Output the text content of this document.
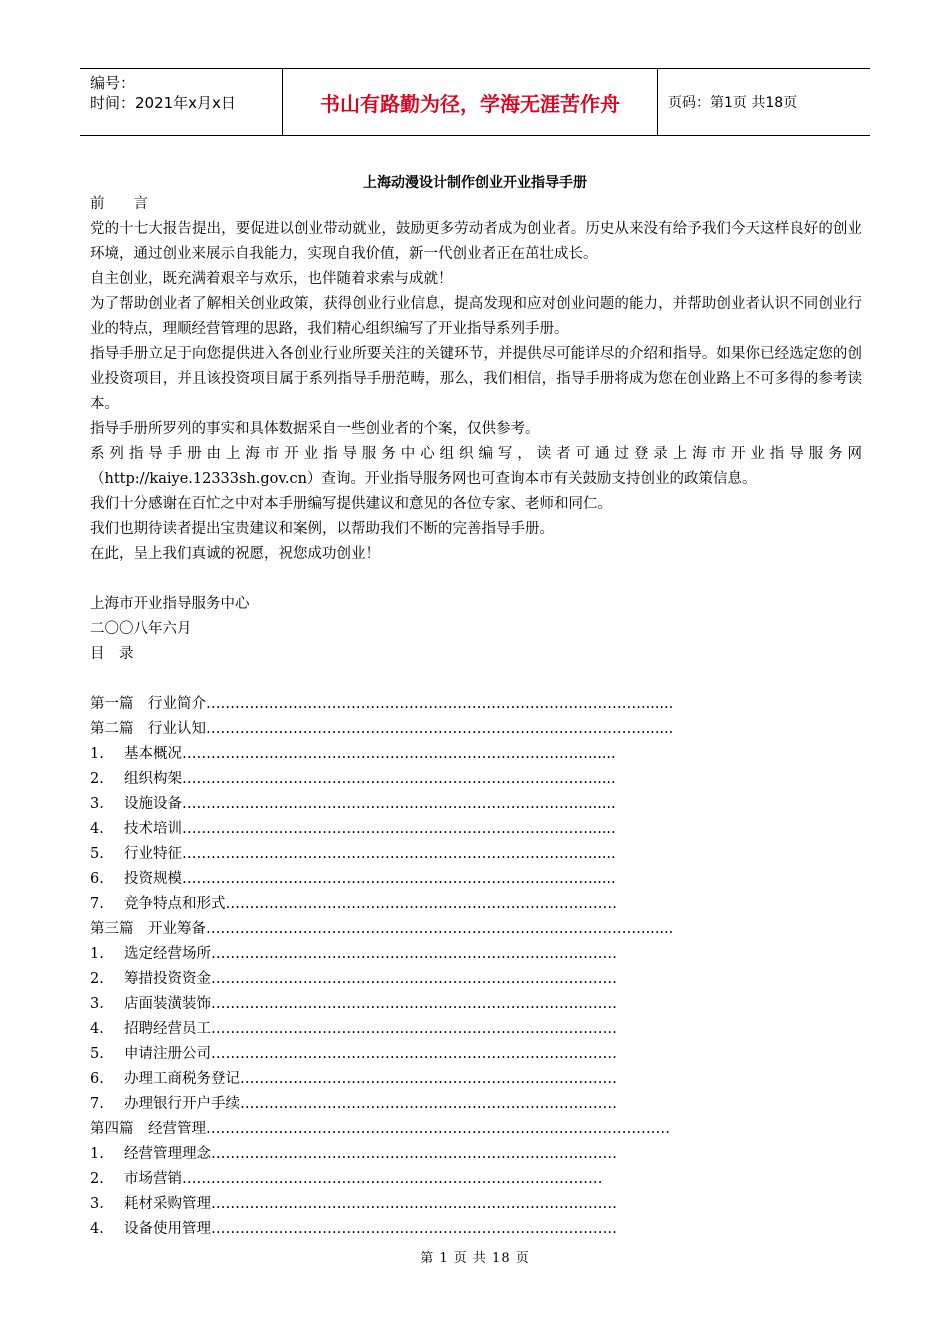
编号：
时间：2021年x月x日	书山有路勤为径，学海无涯苦作舟	页码：第1页 共18页
上海动漫设计制作创业开业指导手册

前　　言

党的十七大报告提出，要促进以创业带动就业，鼓励更多劳动者成为创业者。历史从来没有给予我们今天这样良好的创业环境，通过创业来展示自我能力，实现自我价值，新一代创业者正在茁壮成长。

自主创业，既充满着艰辛与欢乐，也伴随着求索与成就！

为了帮助创业者了解相关创业政策，获得创业行业信息，提高发现和应对创业问题的能力，并帮助创业者认识不同创业行业的特点，理顺经营管理的思路，我们精心组织编写了开业指导系列手册。

指导手册立足于向您提供进入各创业行业所要关注的关键环节，并提供尽可能详尽的介绍和指导。如果你已经选定您的创业投资项目，并且该投资项目属于系列指导手册范畴，那么，我们相信，指导手册将成为您在创业路上不可多得的参考读本。

指导手册所罗列的事实和具体数据采自一些创业者的个案，仅供参考。

系列指导手册由上海市开业指导服务中心组织编写，读者可通过登录上海市开业指导服务网（http://kaiye.12333sh.gov.cn）查询。开业指导服务网也可查询本市有关鼓励支持创业的政策信息。

我们十分感谢在百忙之中对本手册编写提供建议和意见的各位专家、老师和同仁。

我们也期待读者提出宝贵建议和案例，以帮助我们不断的完善指导手册。

在此，呈上我们真诚的祝愿，祝您成功创业！

上海市开业指导服务中心

二〇〇八年六月

目　录

第一篇　行业简介……………………………………………………………………………….......
第二篇　行业认知……………………………………………………………………………….......
1. 基本概况…………………………………………………………………………......
2. 组织构架…………………………………………………………………………......
3. 设施设备…………………………………………………………………………......
4. 技术培训…………………………………………………………………………......
5. 行业特征…………………………………………………………………………......
6. 投资规模…………………………………………………………………………......
7. 竞争特点和形式………………………………………………………………………
第三篇　开业筹备……………………………………………………………………………….......
1. 选定经营场所…………………………………………………………………………
2. 筹措投资资金…………………………………………………………………………
3. 店面装潢装饰…………………………………………………………………………
4. 招聘经营员工…………………………………………………………………………
5. 申请注册公司…………………………………………………………………………
6. 办理工商税务登记……………………………………………………………………
7. 办理银行开户手续……………………………………………………………………
第四篇　经营管理……………………………………………………………………………………
1. 经营管理理念…………………………………………………………………………
2. 市场营销……………………………………………………………………………
3. 耗材采购管理…………………………………………………………………………
4. 设备使用管理…………………………………………………………………………
第 1 页 共 18 页
